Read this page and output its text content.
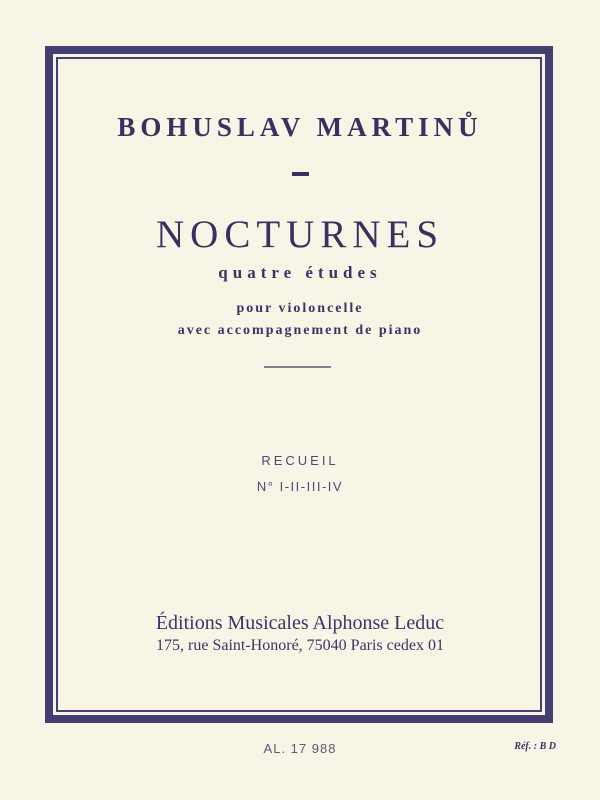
BOHUSLAV MARTINŮ
NOCTURNES
quatre études
pour violoncelle
avec accompagnement de piano
RECUEIL
N° I-II-III-IV
Éditions Musicales Alphonse Leduc
175, rue Saint-Honoré, 75040 Paris cedex 01
AL. 17 988	Réf. : B D
